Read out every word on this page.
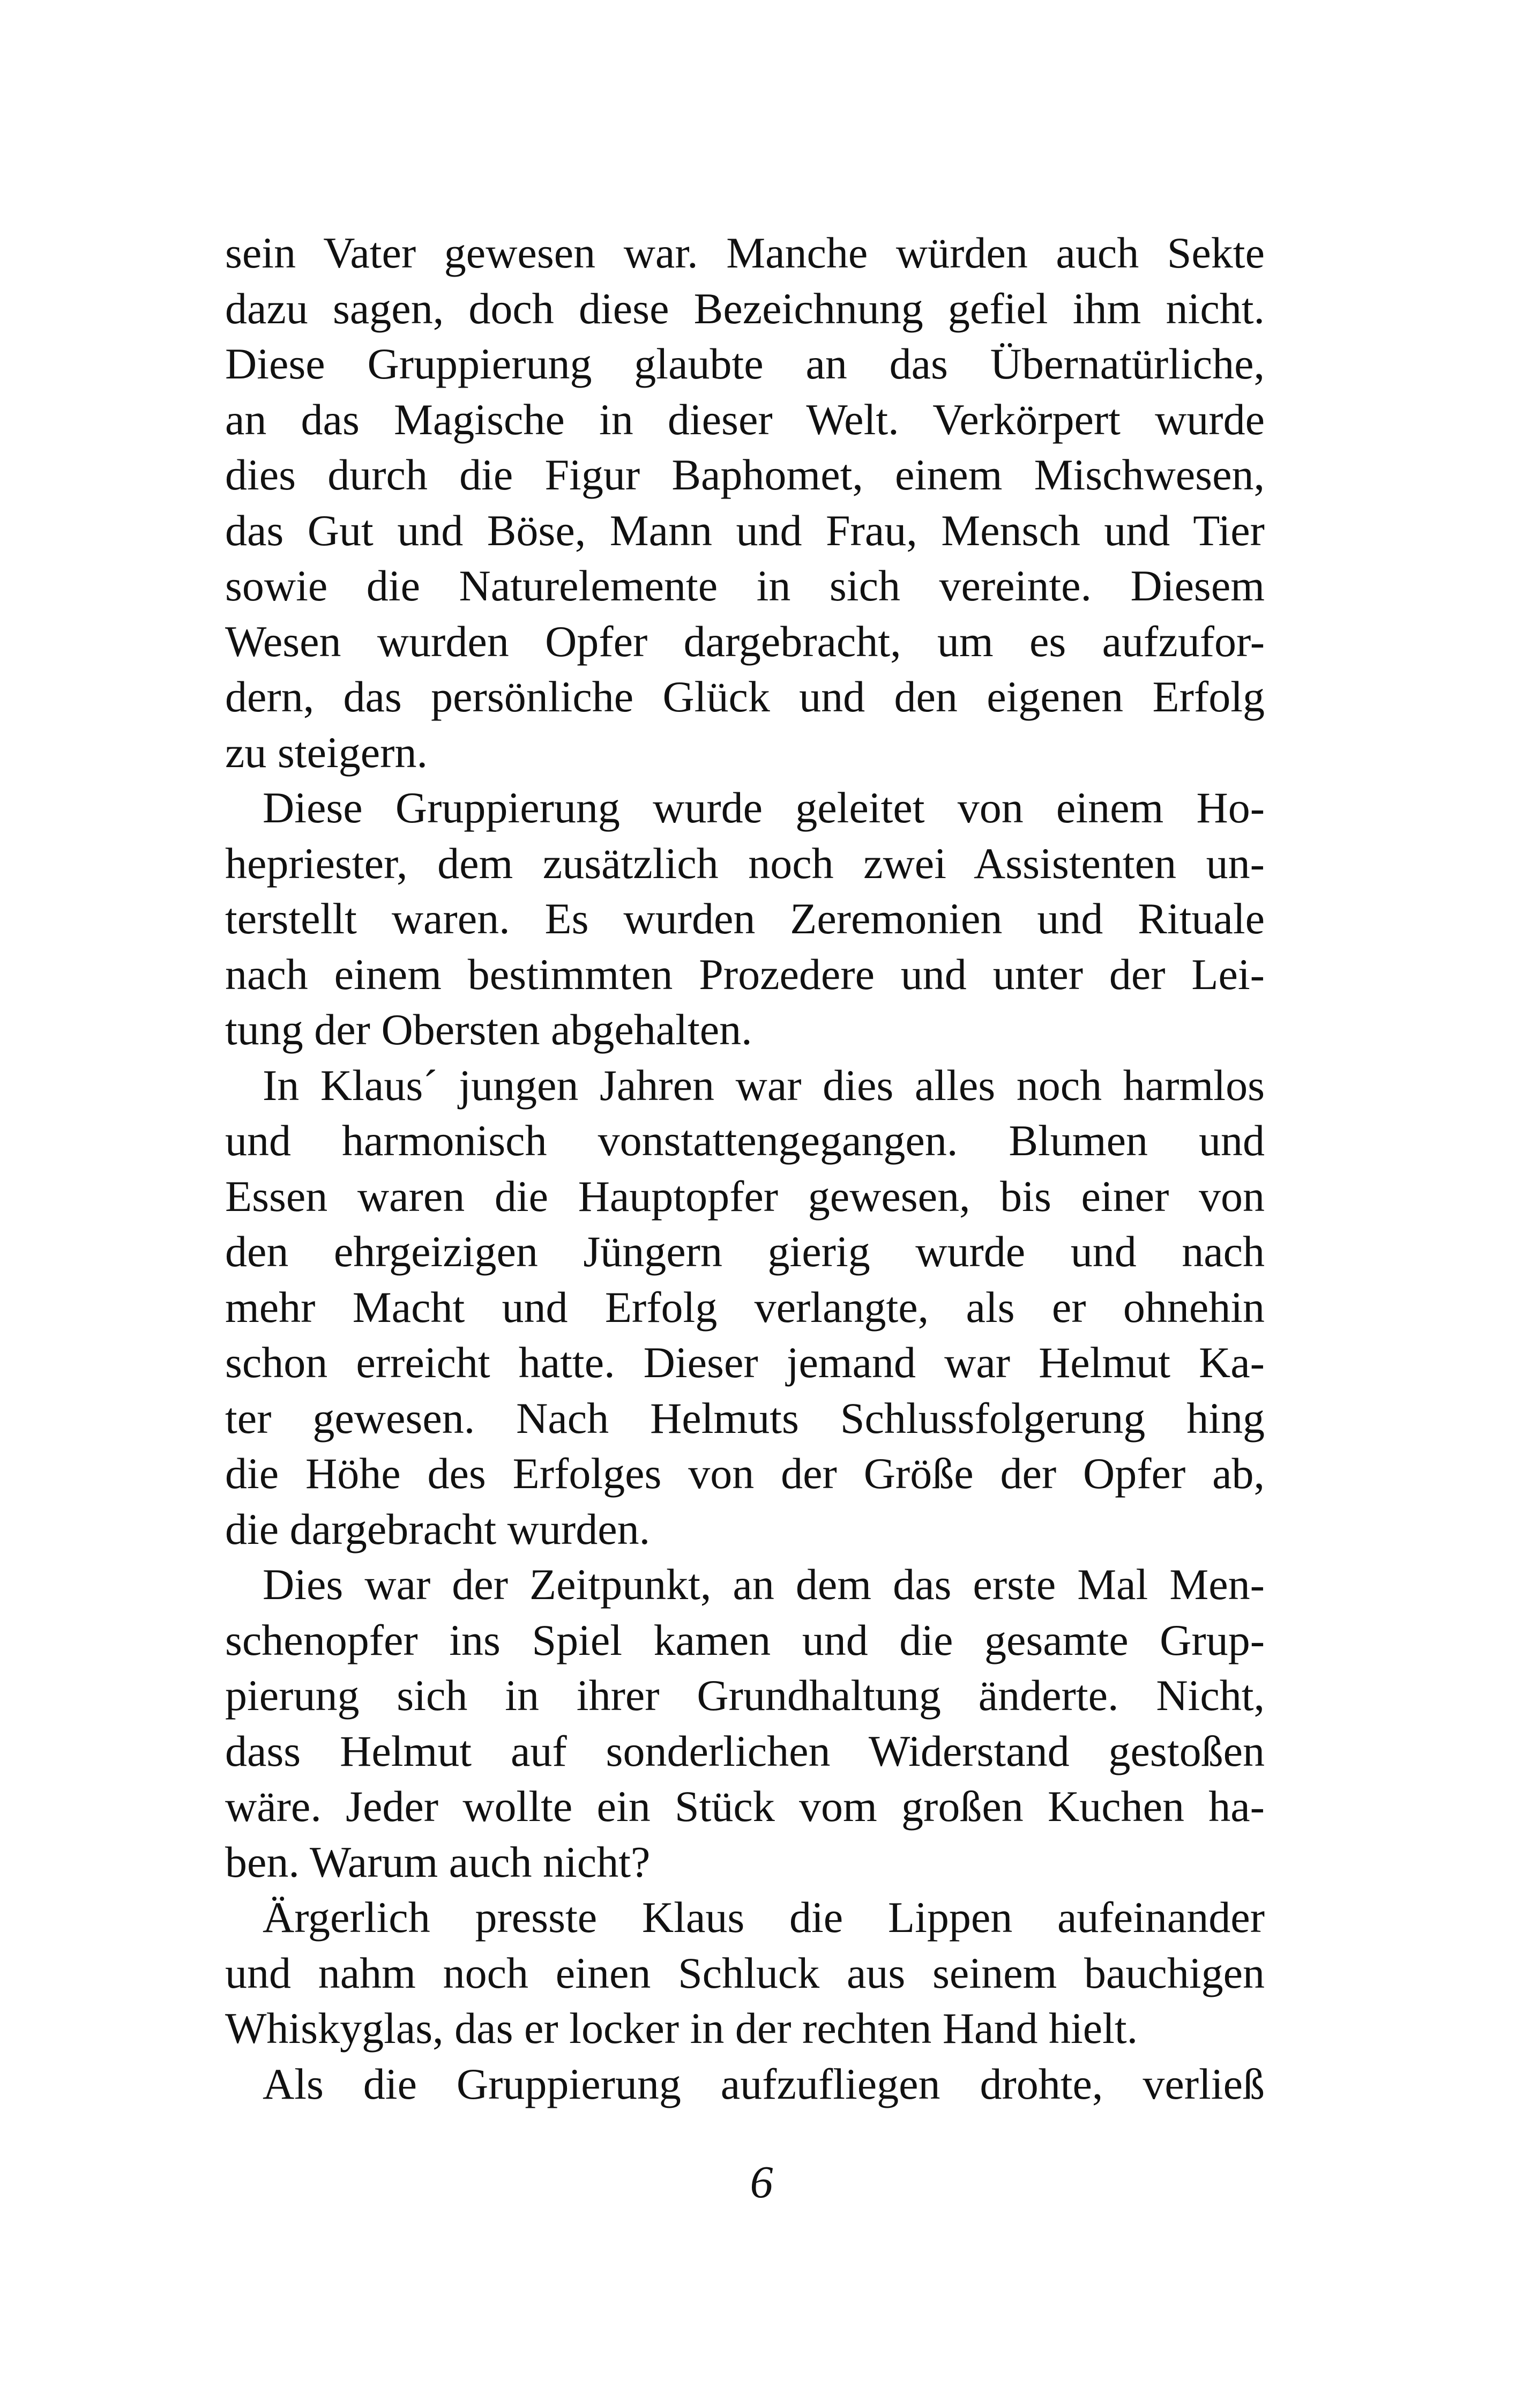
sein Vater gewesen war. Manche würden auch Sekte
dazu sagen, doch diese Bezeichnung gefiel ihm nicht.
Diese Gruppierung glaubte an das Übernatürliche,
an das Magische in dieser Welt. Verkörpert wurde
dies durch die Figur Baphomet, einem Mischwesen,
das Gut und Böse, Mann und Frau, Mensch und Tier
sowie die Naturelemente in sich vereinte. Diesem
Wesen wurden Opfer dargebracht, um es aufzufor-
dern, das persönliche Glück und den eigenen Erfolg
zu steigern.
Diese Gruppierung wurde geleitet von einem Ho-
hepriester, dem zusätzlich noch zwei Assistenten un-
terstellt waren. Es wurden Zeremonien und Rituale
nach einem bestimmten Prozedere und unter der Lei-
tung der Obersten abgehalten.
In Klaus´ jungen Jahren war dies alles noch harmlos
und harmonisch vonstattengegangen. Blumen und
Essen waren die Hauptopfer gewesen, bis einer von
den ehrgeizigen Jüngern gierig wurde und nach
mehr Macht und Erfolg verlangte, als er ohnehin
schon erreicht hatte. Dieser jemand war Helmut Ka-
ter gewesen. Nach Helmuts Schlussfolgerung hing
die Höhe des Erfolges von der Größe der Opfer ab,
die dargebracht wurden.
Dies war der Zeitpunkt, an dem das erste Mal Men-
schenopfer ins Spiel kamen und die gesamte Grup-
pierung sich in ihrer Grundhaltung änderte. Nicht,
dass Helmut auf sonderlichen Widerstand gestoßen
wäre. Jeder wollte ein Stück vom großen Kuchen ha-
ben. Warum auch nicht?
Ärgerlich presste Klaus die Lippen aufeinander
und nahm noch einen Schluck aus seinem bauchigen
Whiskyglas, das er locker in der rechten Hand hielt.
Als die Gruppierung aufzufliegen drohte, verließ
6
